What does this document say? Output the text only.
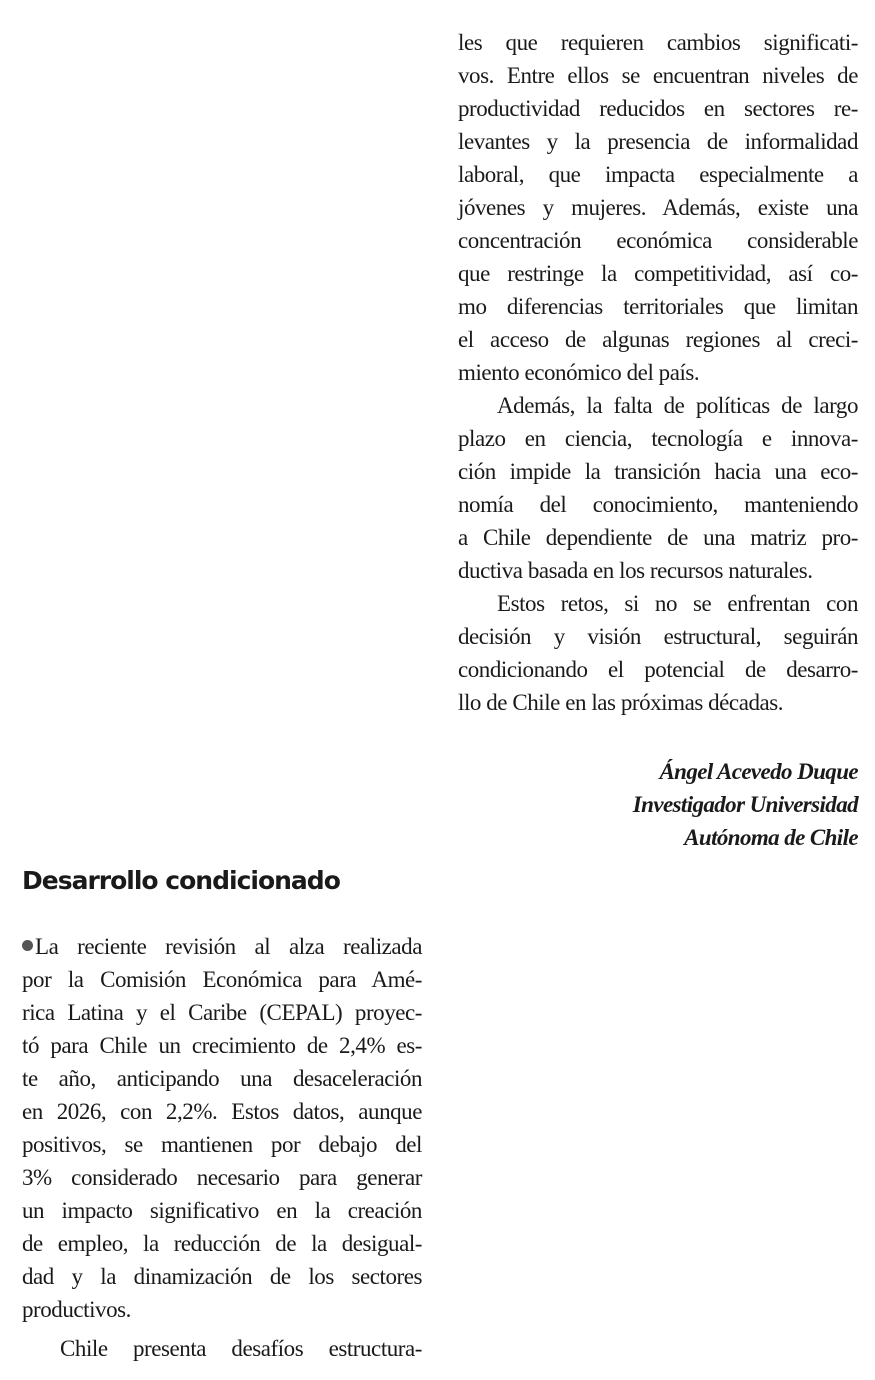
les que requieren cambios significati-
vos. Entre ellos se encuentran niveles de
productividad reducidos en sectores re-
levantes y la presencia de informalidad
laboral, que impacta especialmente a
jóvenes y mujeres. Además, existe una
concentración económica considerable
que restringe la competitividad, así co-
mo diferencias territoriales que limitan
el acceso de algunas regiones al creci-
miento económico del país.
Además, la falta de políticas de largo
plazo en ciencia, tecnología e innova-
ción impide la transición hacia una eco-
nomía del conocimiento, manteniendo
a Chile dependiente de una matriz pro-
ductiva basada en los recursos naturales.
Estos retos, si no se enfrentan con
decisión y visión estructural, seguirán
condicionando el potencial de desarro-
llo de Chile en las próximas décadas.
Ángel Acevedo Duque
Investigador Universidad
Autónoma de Chile
Desarrollo condicionado
La reciente revisión al alza realizada
por la Comisión Económica para Amé-
rica Latina y el Caribe (CEPAL) proyec-
tó para Chile un crecimiento de 2,4% es-
te año, anticipando una desaceleración
en 2026, con 2,2%. Estos datos, aunque
positivos, se mantienen por debajo del
3% considerado necesario para generar
un impacto significativo en la creación
de empleo, la reducción de la desigual-
dad y la dinamización de los sectores
productivos.
Chile presenta desafíos estructura-
